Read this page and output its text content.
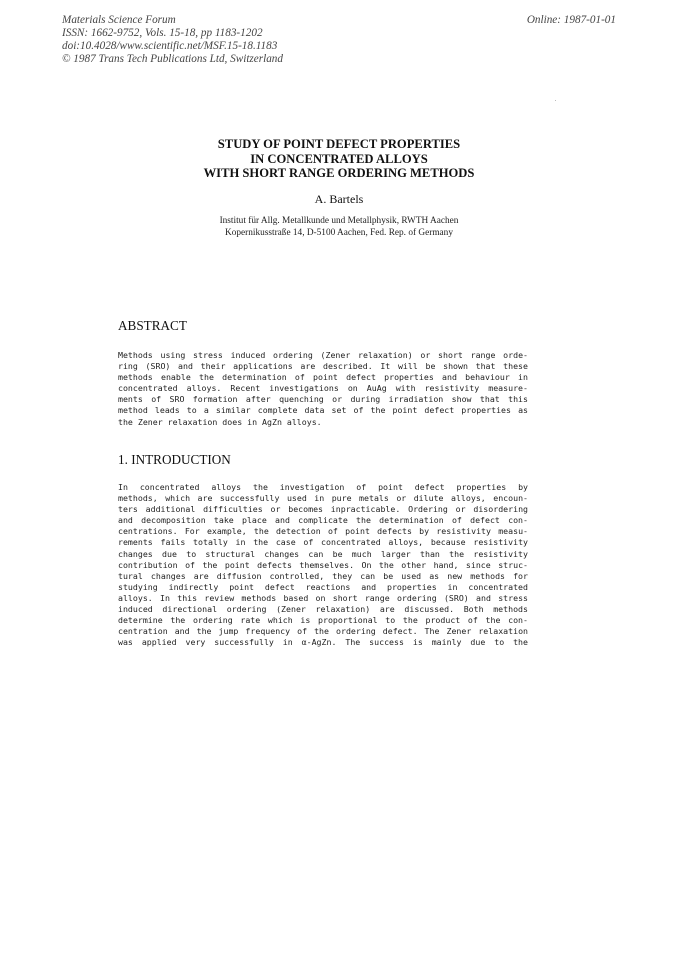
Materials Science Forum
ISSN: 1662-9752, Vols. 15-18, pp 1183-1202
doi:10.4028/www.scientific.net/MSF.15-18.1183
© 1987 Trans Tech Publications Ltd, Switzerland
Online: 1987-01-01
STUDY OF POINT DEFECT PROPERTIES
IN CONCENTRATED ALLOYS
WITH SHORT RANGE ORDERING METHODS
A. Bartels
Institut für Allg. Metallkunde und Metallphysik, RWTH Aachen
Kopernikusstraße 14, D-5100 Aachen, Fed. Rep. of Germany
ABSTRACT
Methods using stress induced ordering (Zener relaxation) or short range orde-
ring (SRO) and their applications are described. It will be shown that these
methods enable the determination of point defect properties and behaviour in
concentrated alloys. Recent investigations on AuAg with resistivity measure-
ments of SRO formation after quenching or during irradiation show that this
method leads to a similar complete data set of the point defect properties as
the Zener relaxation does in AgZn alloys.
1. INTRODUCTION
In concentrated alloys the investigation of point defect properties by
methods, which are successfully used in pure metals or dilute alloys, encoun-
ters additional difficulties or becomes inpracticable. Ordering or disordering
and decomposition take place and complicate the determination of defect con-
centrations. For example, the detection of point defects by resistivity measu-
rements fails totally in the case of concentrated alloys, because resistivity
changes due to structural changes can be much larger than the resistivity
contribution of the point defects themselves. On the other hand, since struc-
tural changes are diffusion controlled, they can be used as new methods for
studying indirectly point defect reactions and properties in concentrated
alloys. In this review methods based on short range ordering (SRO) and stress
induced directional ordering (Zener relaxation) are discussed. Both methods
determine the ordering rate which is proportional to the product of the con-
centration and the jump frequency of the ordering defect. The Zener relaxation
was applied very successfully in α-AgZn. The success is mainly due to the
